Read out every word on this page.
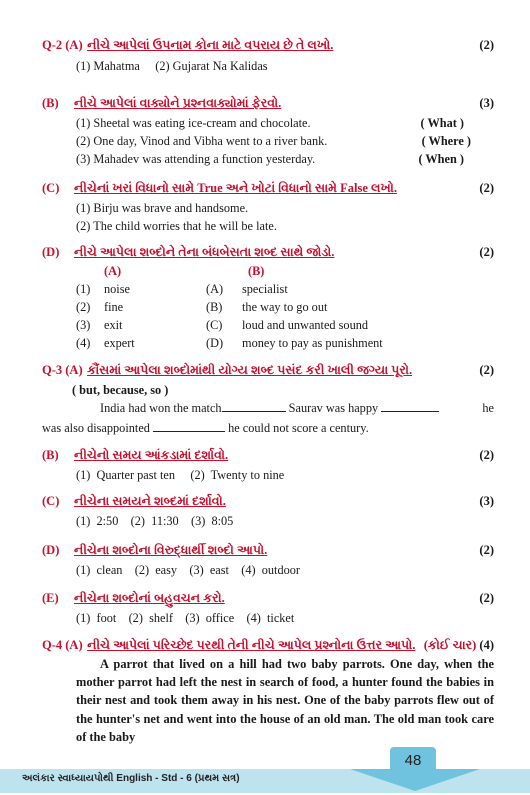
Q-2 (A)
નીચે આપેલાં ઉપનામ કોના માટે વપરાય છે તે લખો.	(2)
(1) Mahatma (2) Gujarat Na Kalidas
(B)	નીચે આપેલાં વાક્યોને પ્રશ્નવાક્યોમાં ફેરવો.	(3)
(1) Sheetal was eating ice-cream and chocolate.	( What )
(2) One day, Vinod and Vibha went to a river bank.	( Where )
(3) Mahadev was attending a function yesterday.	( When )
(C)	નીચેનાં ખરાં વિધાનો સામે True અને ખોટાં વિધાનો સામે False લખો.	(2)
(1) Birju was brave and handsome.
(2) The child worries that he will be late.
(D)	નીચે આપેલા શબ્દોને તેના બંધબેસતા શબ્દ સાથે જોડો.	(2)
(A)	(B)
(1) noise	(A) specialist
(2) fine	(B) the way to go out
(3) exit	(C) loud and unwanted sound
(4) expert	(D) money to pay as punishment
Q-3 (A)
કૌંસમાં આપેલા શબ્દોમાંથી યોગ્ય શબ્દ પસંદ કરી ખાલી જગ્યા પૂરો.	(2)
( but, because, so )
India had won the match	Saurav was happy	he
was also disappointed	he could not score a century.
(B)	નીચેનો સમય આંકડામાં દર્શાવો.	(2)
(1)  Quarter past ten     (2)  Twenty to nine
(C)	નીચેના સમયને શબ્દમાં દર્શાવો.	(3)
(1)  2:50    (2)  11:30    (3)  8:05
(D)	નીચેના શબ્દોના વિરુદ્ધાર્થી શબ્દો આપો.	(2)
(1)  clean    (2)  easy    (3)  east    (4)  outdoor
(E)	નીચેના શબ્દોનાં બહુવચન કરો.	(2)
(1)  foot    (2)  shelf    (3)  office    (4)  ticket
Q-4 (A)
નીચે આપેલાં પરિચ્છેદ પરથી તેની નીચે આપેલ પ્રશ્નોના ઉત્તર આપો.
(કોઈ ચાર)
(4)
A parrot that lived on a hill had two baby parrots. One day, when the mother parrot had left the nest in search of food, a hunter found the babies in their nest and took them away in his nest. One of the baby parrots flew out of the hunter's net and went into the house of an old man. The old man took care of the baby
48
અલંકાર સ્વાધ્યાયપોથી English - Std - 6 (પ્રથમ સત્ર)
